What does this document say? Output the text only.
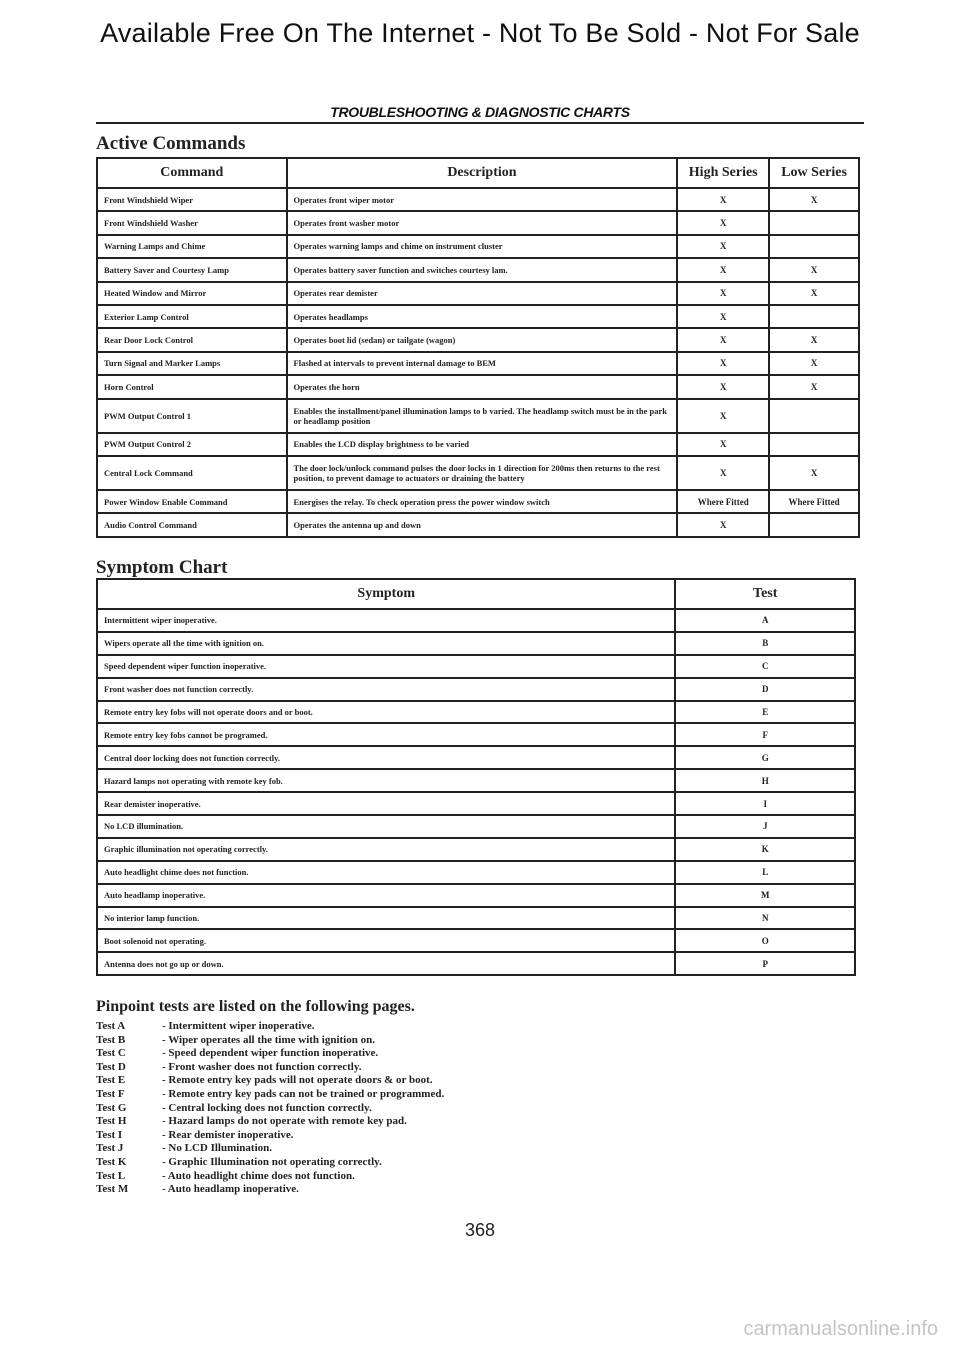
Available Free On The Internet - Not To Be Sold - Not For Sale
TROUBLESHOOTING & DIAGNOSTIC CHARTS
Active Commands
Command	Description	High Series	Low Series
Front Windshield Wiper	Operates front wiper motor	X	X
Front Windshield Washer	Operates front washer motor	X	
Warning Lamps and Chime	Operates warning lamps and chime on instrument cluster	X	
Battery Saver and Courtesy Lamp	Operates battery saver function and switches courtesy lam.	X	X
Heated Window and Mirror	Operates rear demister	X	X
Exterior Lamp Control	Operates headlamps	X	
Rear Door Lock Control	Operates boot lid (sedan) or tailgate (wagon)	X	X
Turn Signal and Marker Lamps	Flashed at intervals to prevent internal damage to BEM	X	X
Horn Control	Operates the horn	X	X
PWM Output Control 1	Enables the installment/panel illumination lamps to b varied. The headlamp switch must be in the park or headlamp position	X	
PWM Output Control 2	Enables the LCD display brightness to be varied	X	
Central Lock Command	The door lock/unlock command pulses the door locks in 1 direction for 200ms then returns to the rest position, to prevent damage to actuators or draining the battery	X	X
Power Window Enable Command	Energises the relay. To check operation press the power window switch	Where Fitted	Where Fitted
Audio Control Command	Operates the antenna up and down	X	
Symptom Chart
Symptom	Test
Intermittent wiper inoperative.	A
Wipers operate all the time with ignition on.	B
Speed dependent wiper function inoperative.	C
Front washer does not function correctly.	D
Remote entry key fobs will not operate doors and or boot.	E
Remote entry key fobs cannot be programed.	F
Central door locking does not function correctly.	G
Hazard lamps not operating with remote key fob.	H
Rear demister inoperative.	I
No LCD illumination.	J
Graphic illumination not operating correctly.	K
Auto headlight chime does not function.	L
Auto headlamp inoperative.	M
No interior lamp function.	N
Boot solenoid not operating.	O
Antenna does not go up or down.	P
Pinpoint tests are listed on the following pages.
Test A	- Intermittent wiper inoperative.
Test B	- Wiper operates all the time with ignition on.
Test C	- Speed dependent wiper function inoperative.
Test D	- Front washer does not function correctly.
Test E	- Remote entry key pads will not operate doors & or boot.
Test F	- Remote entry key pads can not be trained or programmed.
Test G	- Central locking does not function correctly.
Test H	- Hazard lamps do not operate with remote key pad.
Test I	- Rear demister inoperative.
Test J	- No LCD Illumination.
Test K	- Graphic Illumination not operating correctly.
Test L	- Auto headlight chime does not function.
Test M	- Auto headlamp inoperative.
368
carmanualsonline.info
